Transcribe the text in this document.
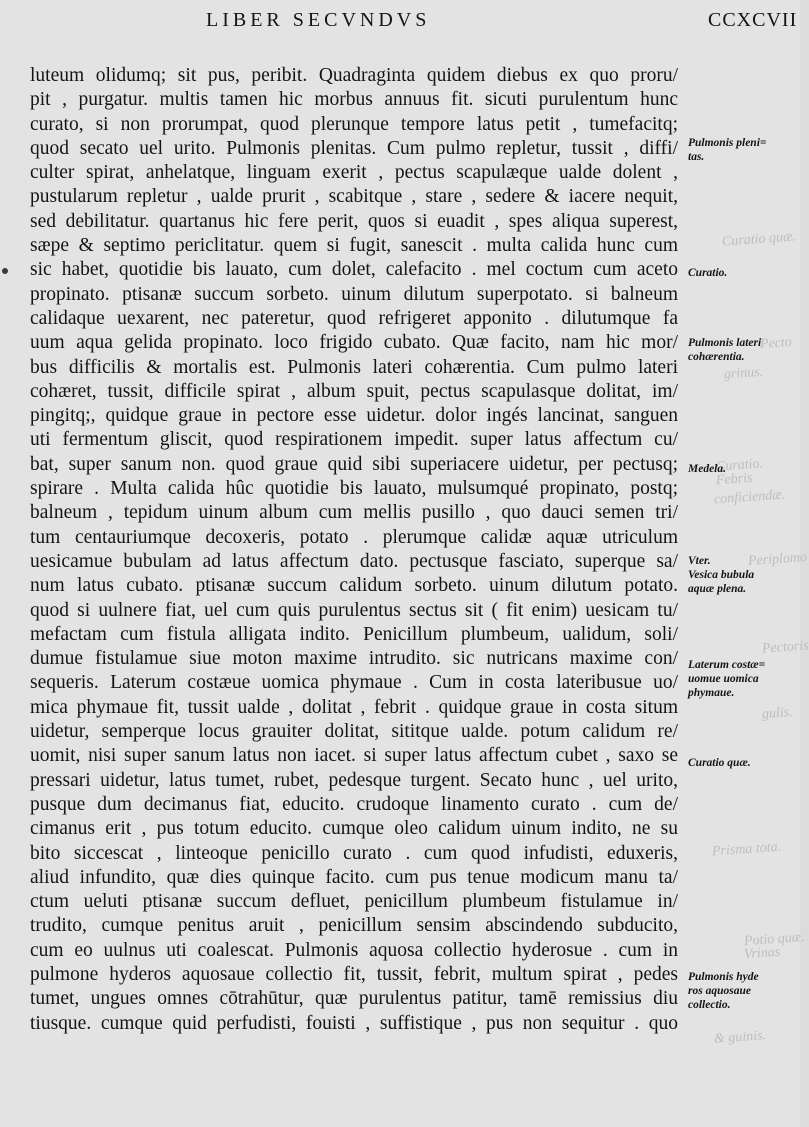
Curatio quæ.
Pecto
grinus.
Curatio.
Febris
conficiendæ.
Periplomo
Pectoris
gulis.
Prisma tota.
Potio quæ.
Vrinas
& guinis.
LIBER SECVNDVS	CCXCVII
luteum olidumq; sit pus, peribit. Quadraginta quidem diebus ex quo proru/
pit , purgatur. multis tamen hic morbus annuus fit. sicuti purulentum hunc
curato, si non prorumpat, quod plerunque tempore latus petit , tumefacitq;
quod secato uel urito. Pulmonis plenitas. Cum pulmo repletur, tussit , diffi/
culter spirat, anhelatque, linguam exerit , pectus scapulæque ualde dolent ,
pustularum repletur , ualde prurit , scabitque , stare , sedere & iacere nequit,
sed debilitatur. quartanus hic fere perit, quos si euadit , spes aliqua superest,
sæpe & septimo periclitatur. quem si fugit, sanescit . multa calida hunc cum
sic habet, quotidie bis lauato, cum dolet, calefacito . mel coctum cum aceto
propinato. ptisanæ succum sorbeto. uinum dilutum superpotato. si balneum
calidaque uexarent, nec pateretur, quod refrigeret apponito . dilutumque fa
uum aqua gelida propinato. loco frigido cubato. Quæ facito, nam hic mor/
bus difficilis & mortalis est. Pulmonis lateri cohærentia. Cum pulmo lateri
cohæret, tussit, difficile spirat , album spuit, pectus scapulasque dolitat, im/
pingitq;, quidque graue in pectore esse uidetur. dolor ingés lancinat, sanguen
uti fermentum gliscit, quod respirationem impedit. super latus affectum cu/
bat, super sanum non. quod graue quid sibi superiacere uidetur, per pectusq;
spirare . Multa calida hûc quotidie bis lauato, mulsumqué propinato, postq;
balneum , tepidum uinum album cum mellis pusillo , quo dauci semen tri/
tum centauriumque decoxeris, potato . plerumque calidæ aquæ utriculum
uesicamue bubulam ad latus affectum dato. pectusque fasciato, superque sa/
num latus cubato. ptisanæ succum calidum sorbeto. uinum dilutum potato.
quod si uulnere fiat, uel cum quis purulentus sectus sit ( fit enim) uesicam tu/
mefactam cum fistula alligata indito. Penicillum plumbeum, ualidum, soli/
dumue fistulamue siue moton maxime intrudito. sic nutricans maxime con/
sequeris. Laterum costæue uomica phymaue . Cum in costa lateribusue uo/
mica phymaue fit, tussit ualde , dolitat , febrit . quidque graue in costa situm
uidetur, semperque locus grauiter dolitat, sititque ualde. potum calidum re/
uomit, nisi super sanum latus non iacet. si super latus affectum cubet , saxo se
pressari uidetur, latus tumet, rubet, pedesque turgent. Secato hunc , uel urito,
pusque dum decimanus fiat, educito. crudoque linamento curato . cum de/
cimanus erit , pus totum educito. cumque oleo calidum uinum indito, ne su
bito siccescat , linteoque penicillo curato . cum quod infudisti, eduxeris,
aliud infundito, quæ dies quinque facito. cum pus tenue modicum manu ta/
ctum ueluti ptisanæ succum defluet, penicillum plumbeum fistulamue in/
trudito, cumque penitus aruit , penicillum sensim abscindendo subducito,
cum eo uulnus uti coalescat. Pulmonis aquosa collectio hyderosue . cum in
pulmone hyderos aquosaue collectio fit, tussit, febrit, multum spirat , pedes
tumet, ungues omnes cōtrahūtur, quæ purulentus patitur, tamē remissius diu
tiusque. cumque quid perfudisti, fouisti , suffistique , pus non sequitur . quo
Pulmonis pleni=
tas.
Curatio.
Pulmonis lateri
cohærentia.
Medela.
Vter.
Vesica bubula
aquæ plena.
Laterum costæ=
uomue uomica
phymaue.
Curatio quæ.
Pulmonis hyde
ros aquosaue
collectio.
